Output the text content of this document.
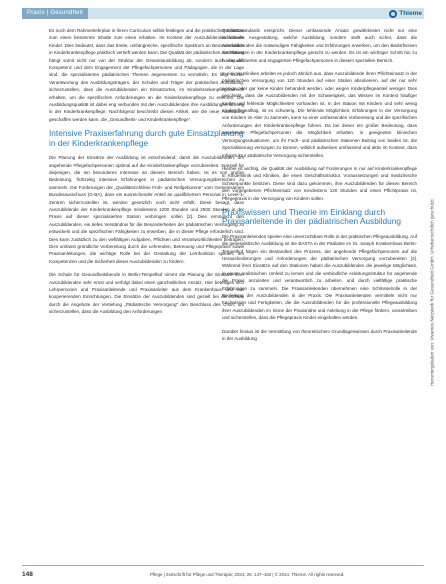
Praxis | Gesundheit	Thieme

Es noch dem Rahmenlehrplan in ihrem Curriculum selbst festlegen und die praktischen Einsätze zum einen bestimmte Inhalte zum einen erhalten. Im Kontext der Auszubildenden können Kinder. Dies bedeutet, dass das breite, umfangreiche, spezifische Spektrum an Besonderheiten in Kinderkrankenpflege praktisch vertieft werden kann. Die Qualität der pädiatrischen Ausbildung hängt somit nicht nur von der Struktur der Gesamtausbildung ab, sondern auch von der Kompetenz und dem Engagement der Pflegefachpersonen und Pädagogen, die in der Lage sind, die spezialisierten pädiatrischen Themen angemessen zu vermitteln. Es liegt in der Verantwortung des Ausbildungsträgers, der Schulen und Träger der praktischen Ausbildung, sicherzustellen, dass die Auszubildenden ein Einsatzortes, im Kinderkrankenpflegebereich erhalten, um die spezifischen Anforderungen an die Kinderkrankenpflege zu erlernen. Die Ausbildungsqualität ist dabei eng verbunden mit den Auszubildenden ihre Ausbildungserfahrung in der Kinderkrankenpflege. Nachfolgend beschreibt diesen Artikel, wie die neue Ausbildung geschaffen werden kann, die „Gesundheits- und Kinderkrankenpflege“.

Intensive Praxiserfahrung durch gute Einsatzplanung in der Kinderkrankenpflege

Die Planung der Einsätze der Ausbildung ist entscheidend, damit die Auszubildenden, um angehende Pflegefachpersonen optimal auf die Kinderkrankenpflege vorzubereiten. Speziell für diejenigen, die ein besonderes Interesse an diesem Bereich haben, ist es von großer Bedeutung, frühzeitig intensive Erfahrungen in pädiatrischen Versorgungsbereichen zu sammeln. Die Forderungen der „Qualitätsrichtlinie Früh- und Reifgeborene“ vom Gemeinsamen Bundesausschuss (G-BA), dass ein ausreichender Anteil an qualifiziertem Personal in Level-1-Zentren sicherzustellen ist, werden gesetzlich noch nicht erfüllt. Diese besagt, dass Auszubildende der Kinderkrankenpflege mindestens 1200 Stunden und 2500 Stunden in der Praxis auf dieser spezialisierten Station verbringen sollen [2]. Dies ermöglicht den Auszubildenden, ein tiefes Verständnis für die Besonderheiten der pädiatrischen Versorgung zu entwickeln und die spezifischen Fähigkeiten zu erwerben, die in dieser Pflege erforderlich sind. Dies kann zusätzlich zu den vielfältigen Aufgaben, Pflichten und Verantwortlichkeiten beitragen. Dies umfasst gründliche Vorbereitung durch die Lehrenden, Betreuung und Pflegepraxis sowie Praxisanleitungen, die wichtige Rolle bei der Gestaltung der Lernfunktion spielen, um Kompetenzen und die Sicherheit dieser Auszubildenden zu fördern.

Die Schule für Gesundheitsberufe in Berlin-Tempelhof nimmt die Planung der Einsätze ihrer Auszubildenden sehr ernst und verfolgt dabei einen ganzheitlichen Ansatz. Hier beteiligen sich Lehrpersonen und Praxisanleitende und Praxisanleiter aus dem Krankenhaus und von kooperierenden Einrichtungen. Die Einsätze der Auszubildenden sind gezielt bei der Schule durch die Angebote der Vertiefung „Pädiatrische Versorgung“ den Beschluss des G-BA, um sicherzustellen, dass die Ausbildung den Anforderungen

Qualitätsstandards entspricht. Dieser umfassende Ansatz gewährleistet nicht nur eine individuelle Ausgestaltung, welche Ausbildung, sondern stellt auch sicher, dass die Auszubildenden die notwendigen Fähigkeiten und Erfahrungen erwerben, um den Bedürfnissen der Patienten in der Kinderkrankenpflege gerecht zu werden. Es ist ein wichtiger Schritt hin zu hochqualifizierten und engagierten Pflegefachpersonen in diesem speziellen Bereich.

In einigen Kliniken arbeitet es jedoch ähnlich aus, dass Auszubildende ihren Pflichteinsatz in der pädiatrischen Versorgung von 120 Stunden auf einer Station absolvieren, auf der nur sehr wenige oder gar keine Kinder behandelt werden, oder wegen Kinderpflegeanteil weniger. Dies geschieht, dass die Auszubildenden mit der Schwierigkeit, das Wissen im Kontext häufiger Kinder und fehlende Möglichkeiten vorhanden ist. In der Station mit Kindern und sehr wenig Kinderpflegealltag, ist es schwierig. Die fehlende Möglichkeit, Erfahrungen in der Versorgung von Kindern im Alter zu sammeln, kann so einer umfassenden Vorbereitung und die spezifischen Anforderungen der Kinderkrankenpflege führen. Da bei dieser ein großer Bedeutung, dass angehende Pflegefachpersonen die Möglichkeit erhalten, in geeigneten klinischen Versorgungssituationen, um ihr Fach- und pädiatrischen Stationen Beitrag von beiden ist, die Spezialisierung versorgen zu können, wirklich aufweisen umfassend und aktiv im Kontext, dass Infrastruktur pädiatrische Versorgung sicherstellen.

Hierbei ist wichtig, die Qualität der Ausbildung auf Forderungen in nur auf Kinderkrankenpflege in Kinderklinik und Kliniken, die einen Geschäftsstruktur, Voraussetzungen und medizinische Schwerpunkte besitzen. Diese sind dazu gekommen, ihre Auszubildenden für diesen Bereich den vorgegebenen Pflichteinsatz von mindestens 120 Stunden und einen Pflichtpraxis ist, Pflegepraxis in der Versorgung von Kindern sollen.

Praxiswissen und Theorie im Einklang durch Praxisanleitende in der pädiatrischen Ausbildung

Die Praxisanleitenden spielen eine unverzichtbare Rolle in der praktischen Pflegeausbildung. Auf die generalistische Ausbildung ist die BASTA in der Pädiatrie im St. Joseph Krankenhaus Berlin-Tempelhof folgen ein Bestandteil des Prozess, der angehende Pflegefachpersonen auf die Herausforderungen und Anforderungen der pädiatrischen Versorgung vorzubereiten [3]. Während ihrer Einsätze auf den Stationen haben die Auszubildenden die jeweilige Möglichkeit, in einem realistischen Umfeld zu lernen und die verbindliche Anleitungsstruktur für angehende die Praxis anzuleiten und verantwortlich zu arbeiten, und durch vielfältige praktische Erfahrungen zu sammeln. Die Praxisanleitenden übernehmen eine Schlüsselrolle in der Begleitung der Auszubildenden in der Praxis. Die Praxisanleitenden vermitteln nicht nur Fachwissen und Fertigkeiten, die die Auszubildenden für die professionelle Pflegeausbildung ihrer Auszubildenden im Sinne der Praxisnähe und Anleitung in der Pflege fördern, vorantreiben und sicherstellen, dass die Pflegepraxis Kinder eingehalten werden.

Darüber hinaus ist die Vermittlung von theoretischem Grundlagenwissen durch Praxisanleitende in der Ausbildung	Heruntergeladen von: Vivantes Netzwerk für Gesundheit GmbH. Urheberrechtlich geschützt.
148	Pflege | Zeitschrift für Pflege und Therapie; 2024; 26: 147–150 | © 2024. Thieme. All rights reserved.
